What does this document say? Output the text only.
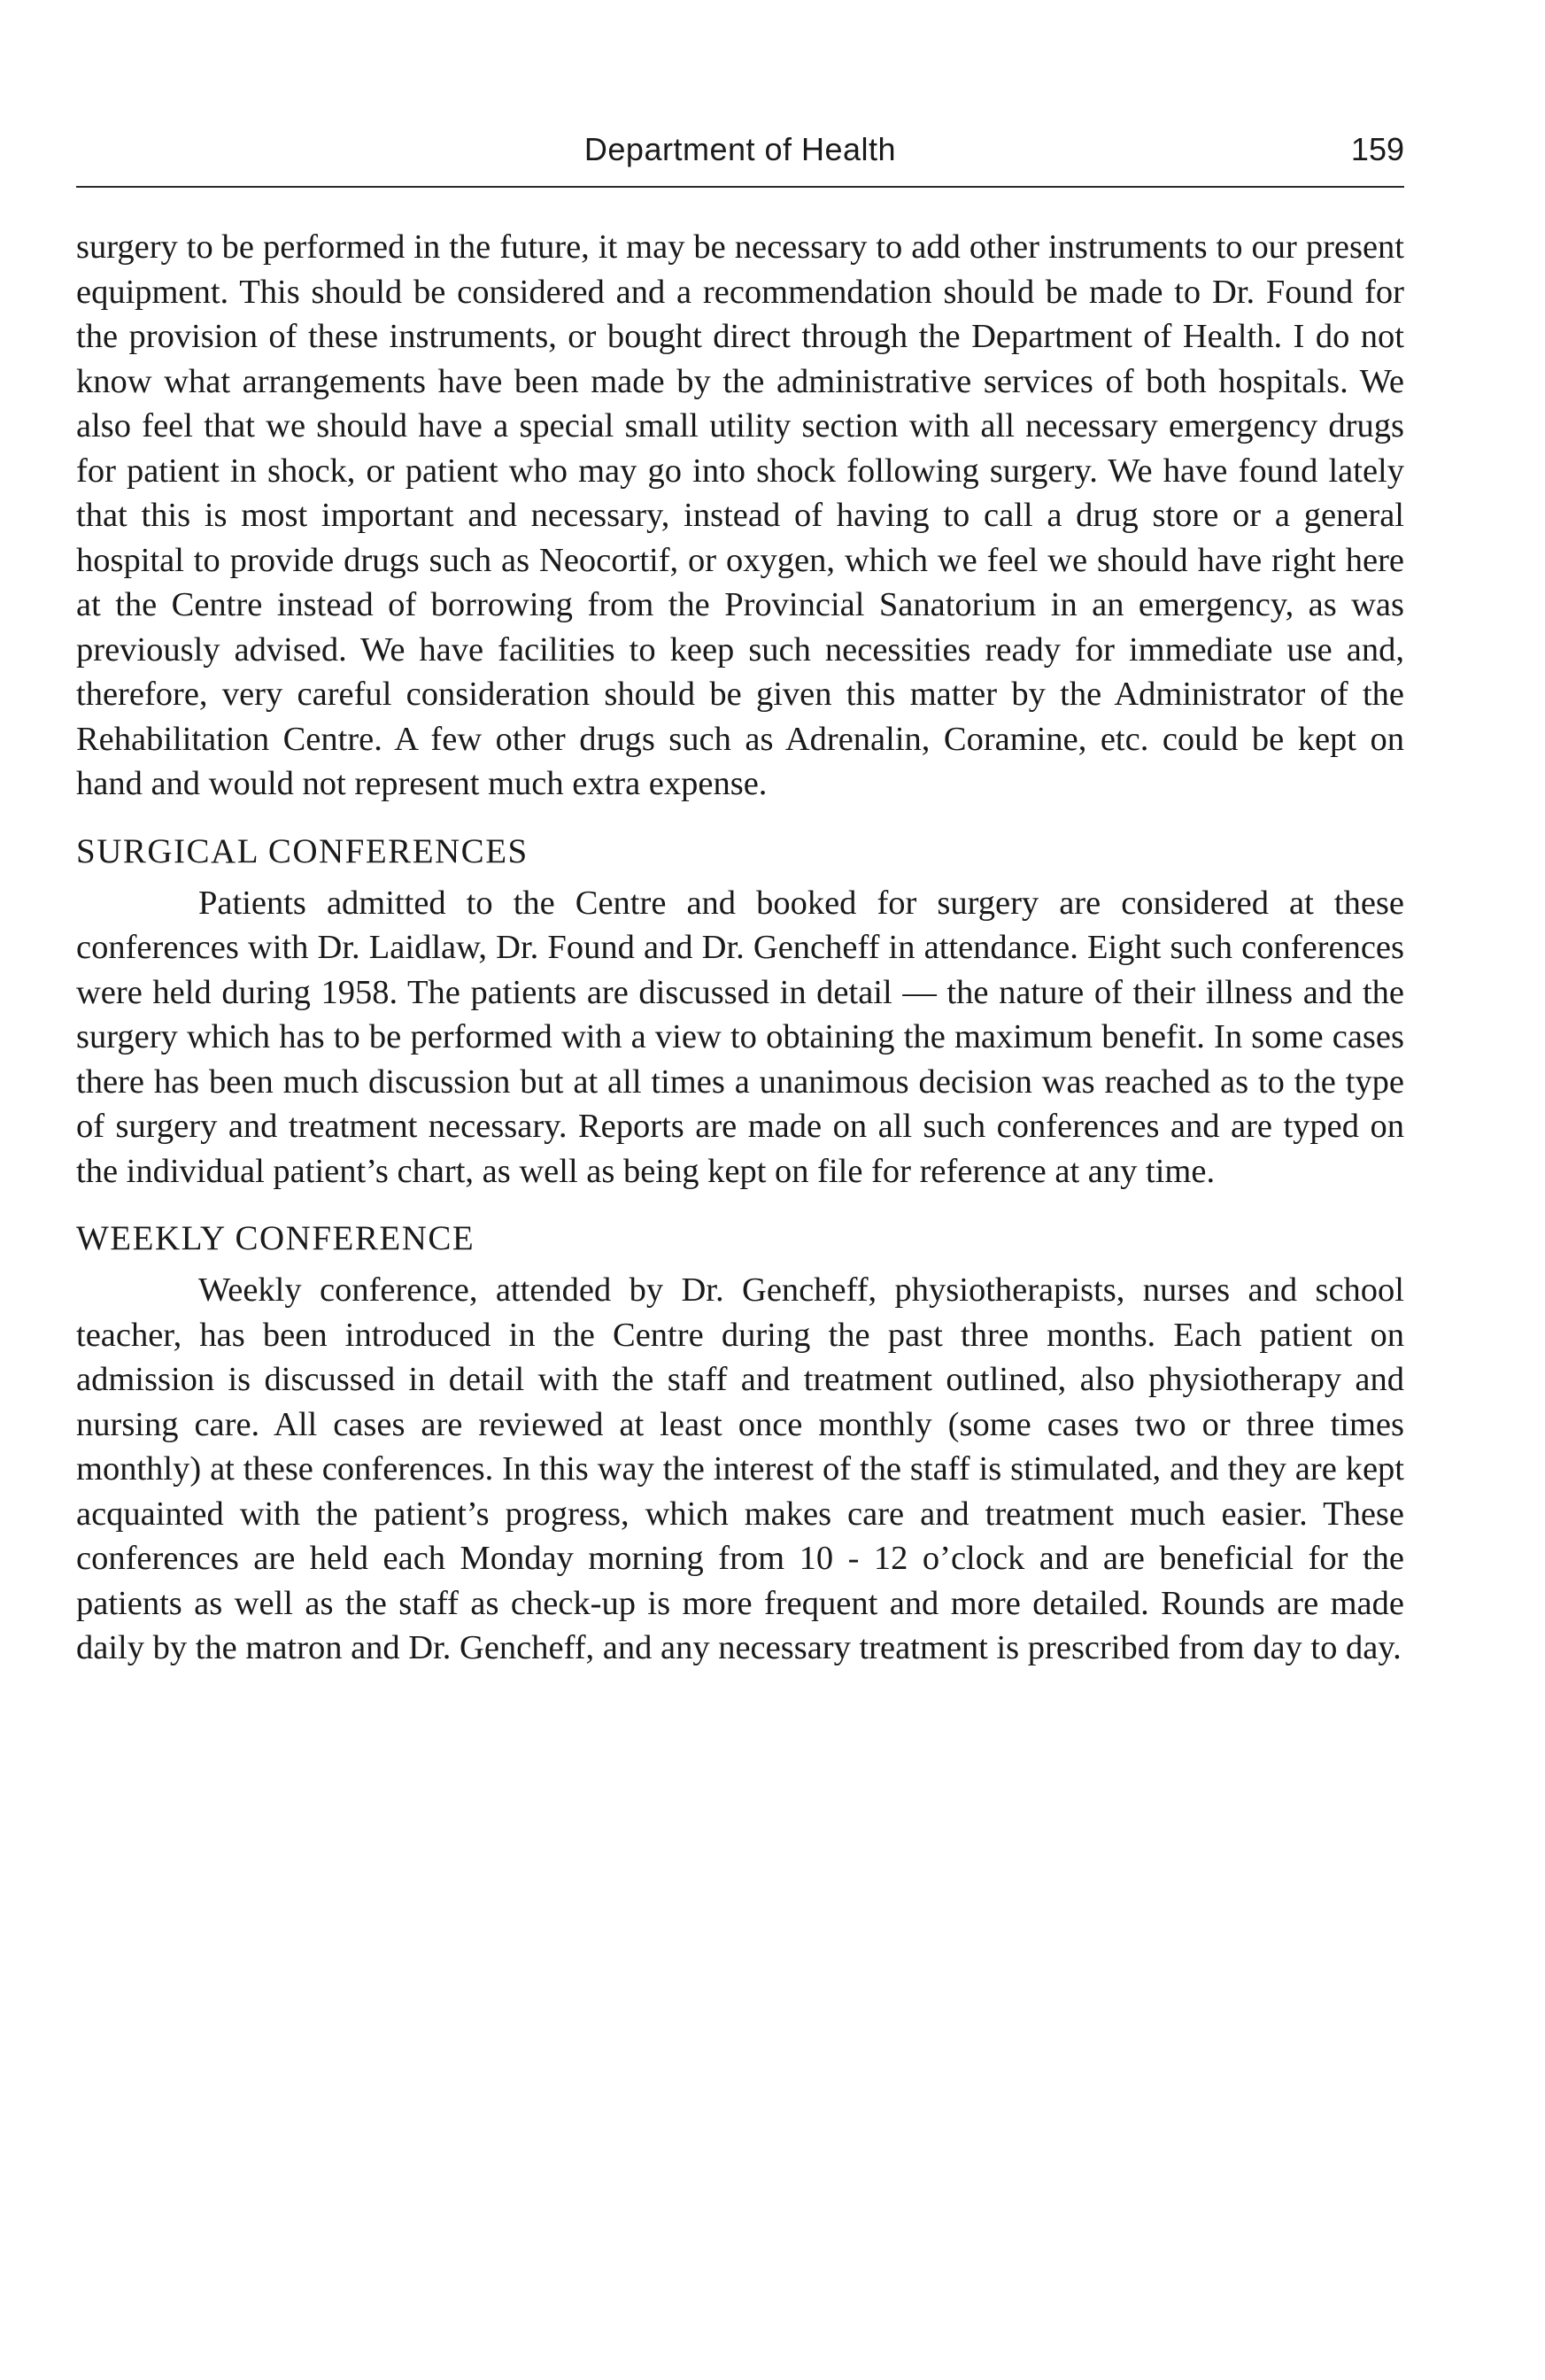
Department of Health	159

surgery to be performed in the future, it may be necessary to add other instruments to our present equipment. This should be considered and a recommendation should be made to Dr. Found for the provision of these instruments, or bought direct through the Department of Health. I do not know what arrangements have been made by the administrative services of both hospitals. We also feel that we should have a special small utility section with all necessary emergency drugs for patient in shock, or patient who may go into shock following surgery. We have found lately that this is most important and necessary, instead of having to call a drug store or a general hospital to provide drugs such as Neocortif, or oxygen, which we feel we should have right here at the Centre instead of borrowing from the Provincial Sanatorium in an emergency, as was previously advised. We have facilities to keep such necessities ready for immediate use and, therefore, very careful consideration should be given this matter by the Administrator of the Rehabilitation Centre. A few other drugs such as Adrenalin, Coramine, etc. could be kept on hand and would not represent much extra expense.

SURGICAL CONFERENCES

Patients admitted to the Centre and booked for surgery are considered at these conferences with Dr. Laidlaw, Dr. Found and Dr. Gencheff in attendance. Eight such conferences were held during 1958. The patients are discussed in detail — the nature of their illness and the surgery which has to be performed with a view to obtaining the maximum benefit. In some cases there has been much discussion but at all times a unanimous decision was reached as to the type of surgery and treatment necessary. Reports are made on all such conferences and are typed on the individual patient’s chart, as well as being kept on file for reference at any time.

WEEKLY CONFERENCE

Weekly conference, attended by Dr. Gencheff, physiotherapists, nurses and school teacher, has been introduced in the Centre during the past three months. Each patient on admission is discussed in detail with the staff and treatment outlined, also physiotherapy and nursing care. All cases are reviewed at least once monthly (some cases two or three times monthly) at these conferences. In this way the interest of the staff is stimulated, and they are kept acquainted with the patient’s progress, which makes care and treatment much easier. These conferences are held each Monday morning from 10 - 12 o’clock and are beneficial for the patients as well as the staff as check-up is more frequent and more detailed. Rounds are made daily by the matron and Dr. Gencheff, and any necessary treatment is prescribed from day to day.
